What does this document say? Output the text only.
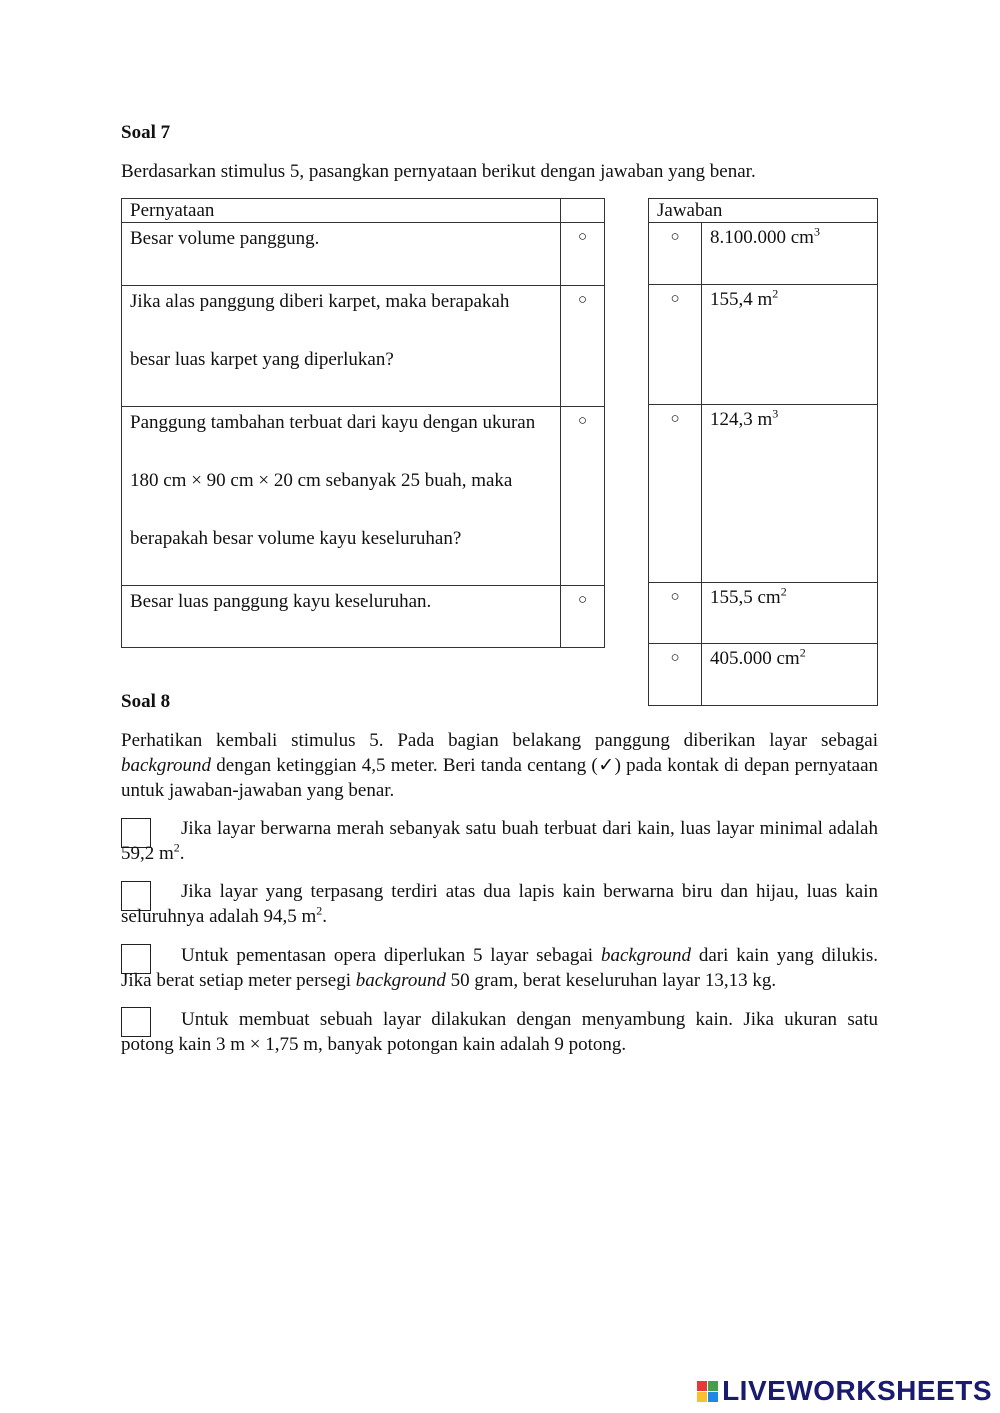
Soal 7
Berdasarkan stimulus 5, pasangkan pernyataan berikut dengan jawaban yang benar.
Pernyataan	

Besar volume panggung.	○

Jika alas panggung diberi karpet, maka berapakah
besar luas karpet yang diperlukan?	○

Panggung tambahan terbuat dari kayu dengan ukuran
180 cm × 90 cm × 20 cm sebanyak 25 buah, maka
berapakah besar volume kayu keseluruhan?	○

Besar luas panggung kayu keseluruhan.	○
Jawaban	
○	8.100.000 $cm^3$
○	155,4 $m^2$
○	124,3 $m^3$
○	155,5 $cm^2$
○	405.000 $cm^2$
Soal 8
Perhatikan kembali stimulus 5. Pada bagian belakang panggung diberikan layar sebagai background dengan ketinggian 4,5 meter. Beri tanda centang (✓) pada kontak di depan pernyataan untuk jawaban-jawaban yang benar.
Jika layar berwarna merah sebanyak satu buah terbuat dari kain, luas layar minimal adalah 59,2 $m^2$.
Jika layar yang terpasang terdiri atas dua lapis kain berwarna biru dan hijau, luas kain seluruhnya adalah 94,5 $m^2$.
Untuk pementasan opera diperlukan 5 layar sebagai background dari kain yang dilukis. Jika berat setiap meter persegi background 50 gram, berat keseluruhan layar 13,13 kg.
Untuk membuat sebuah layar dilakukan dengan menyambung kain. Jika ukuran satu potong kain 3 m × 1,75 m, banyak potongan kain adalah 9 potong.
LIVEWORKSHEETS
